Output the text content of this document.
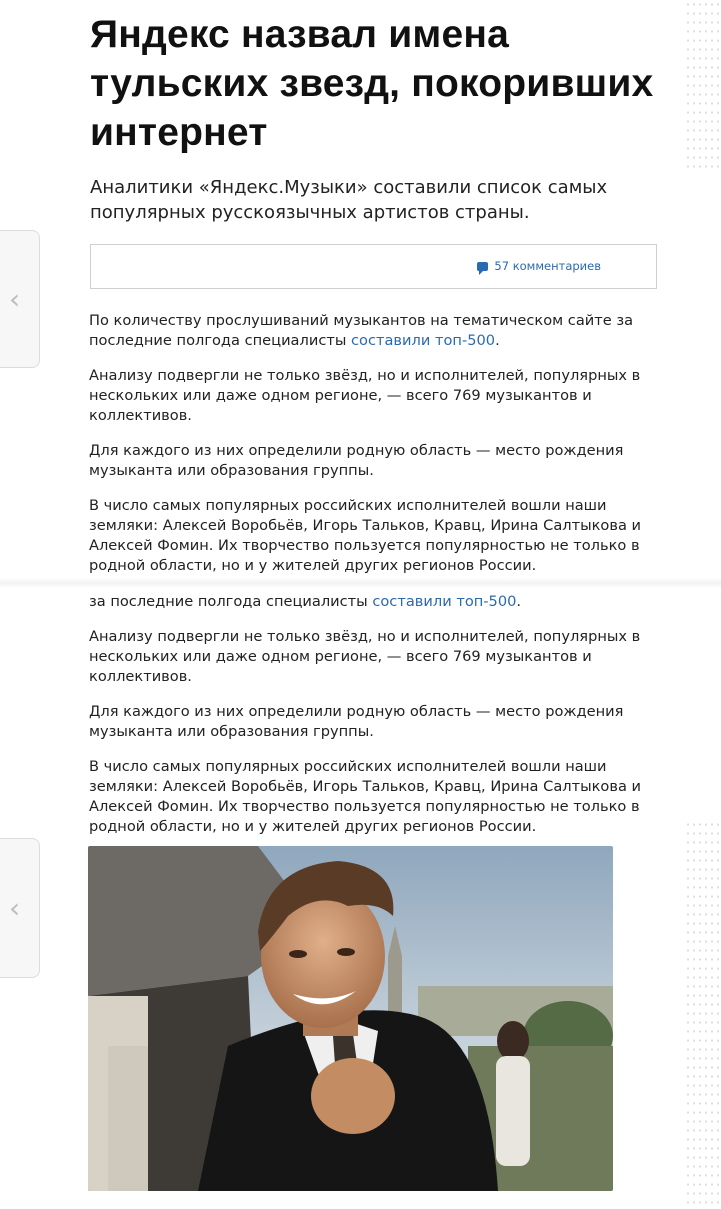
Яндекс назвал имена тульских звезд, покоривших интернет

Аналитики «Яндекс.Музыки» составили список самых популярных русскоязычных артистов страны.

57 комментариев
‹
‹

По количеству прослушиваний музыкантов на тематическом сайте за последние полгода специалисты составили топ-500.

Анализу подвергли не только звёзд, но и исполнителей, популярных в нескольких или даже одном регионе, — всего 769 музыкантов и коллективов.

Для каждого из них определили родную область — место рождения музыканта или образования группы.

В число самых популярных российских исполнителей вошли наши земляки: Алексей Воробьёв, Игорь Тальков, Кравц, Ирина Салтыкова и Алексей Фомин. Их творчество пользуется популярностью не только в родной области, но и у жителей других регионов России.

за последние полгода специалисты составили топ-500.

Анализу подвергли не только звёзд, но и исполнителей, популярных в нескольких или даже одном регионе, — всего 769 музыкантов и коллективов.

Для каждого из них определили родную область — место рождения музыканта или образования группы.

В число самых популярных российских исполнителей вошли наши земляки: Алексей Воробьёв, Игорь Тальков, Кравц, Ирина Салтыкова и Алексей Фомин. Их творчество пользуется популярностью не только в родной области, но и у жителей других регионов России.
